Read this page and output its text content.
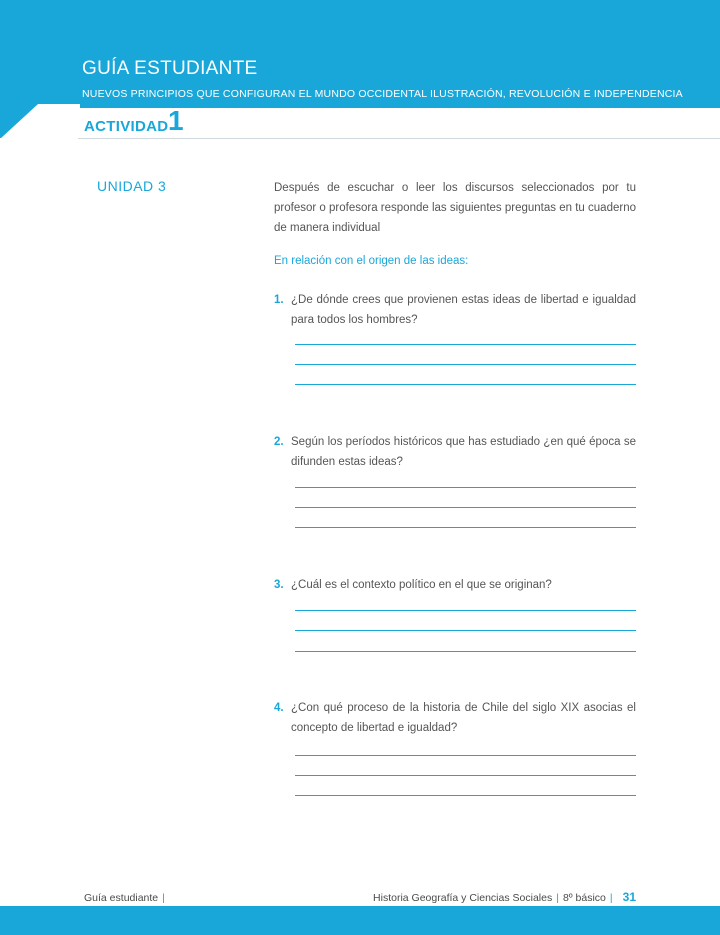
GUÍA ESTUDIANTE
NUEVOS PRINCIPIOS QUE CONFIGURAN EL MUNDO OCCIDENTAL ILUSTRACIÓN, REVOLUCIÓN E INDEPENDENCIA
ACTIVIDAD 1
UNIDAD 3	Después de escuchar o leer los discursos seleccionados por tu profesor o profesora responde las siguientes preguntas en tu cuaderno de manera individual
En relación con el origen de las ideas:
1. ¿De dónde crees que provienen estas ideas de libertad e igualdad para todos los hombres?
2. Según los períodos históricos que has estudiado ¿en qué época se difunden estas ideas?
3. ¿Cuál es el contexto político en el que se originan?
4. ¿Con qué proceso de la historia de Chile del siglo XIX asocias el concepto de libertad e igualdad?
Guía estudiante |	Historia Geografía y Ciencias Sociales | 8º básico | 31
